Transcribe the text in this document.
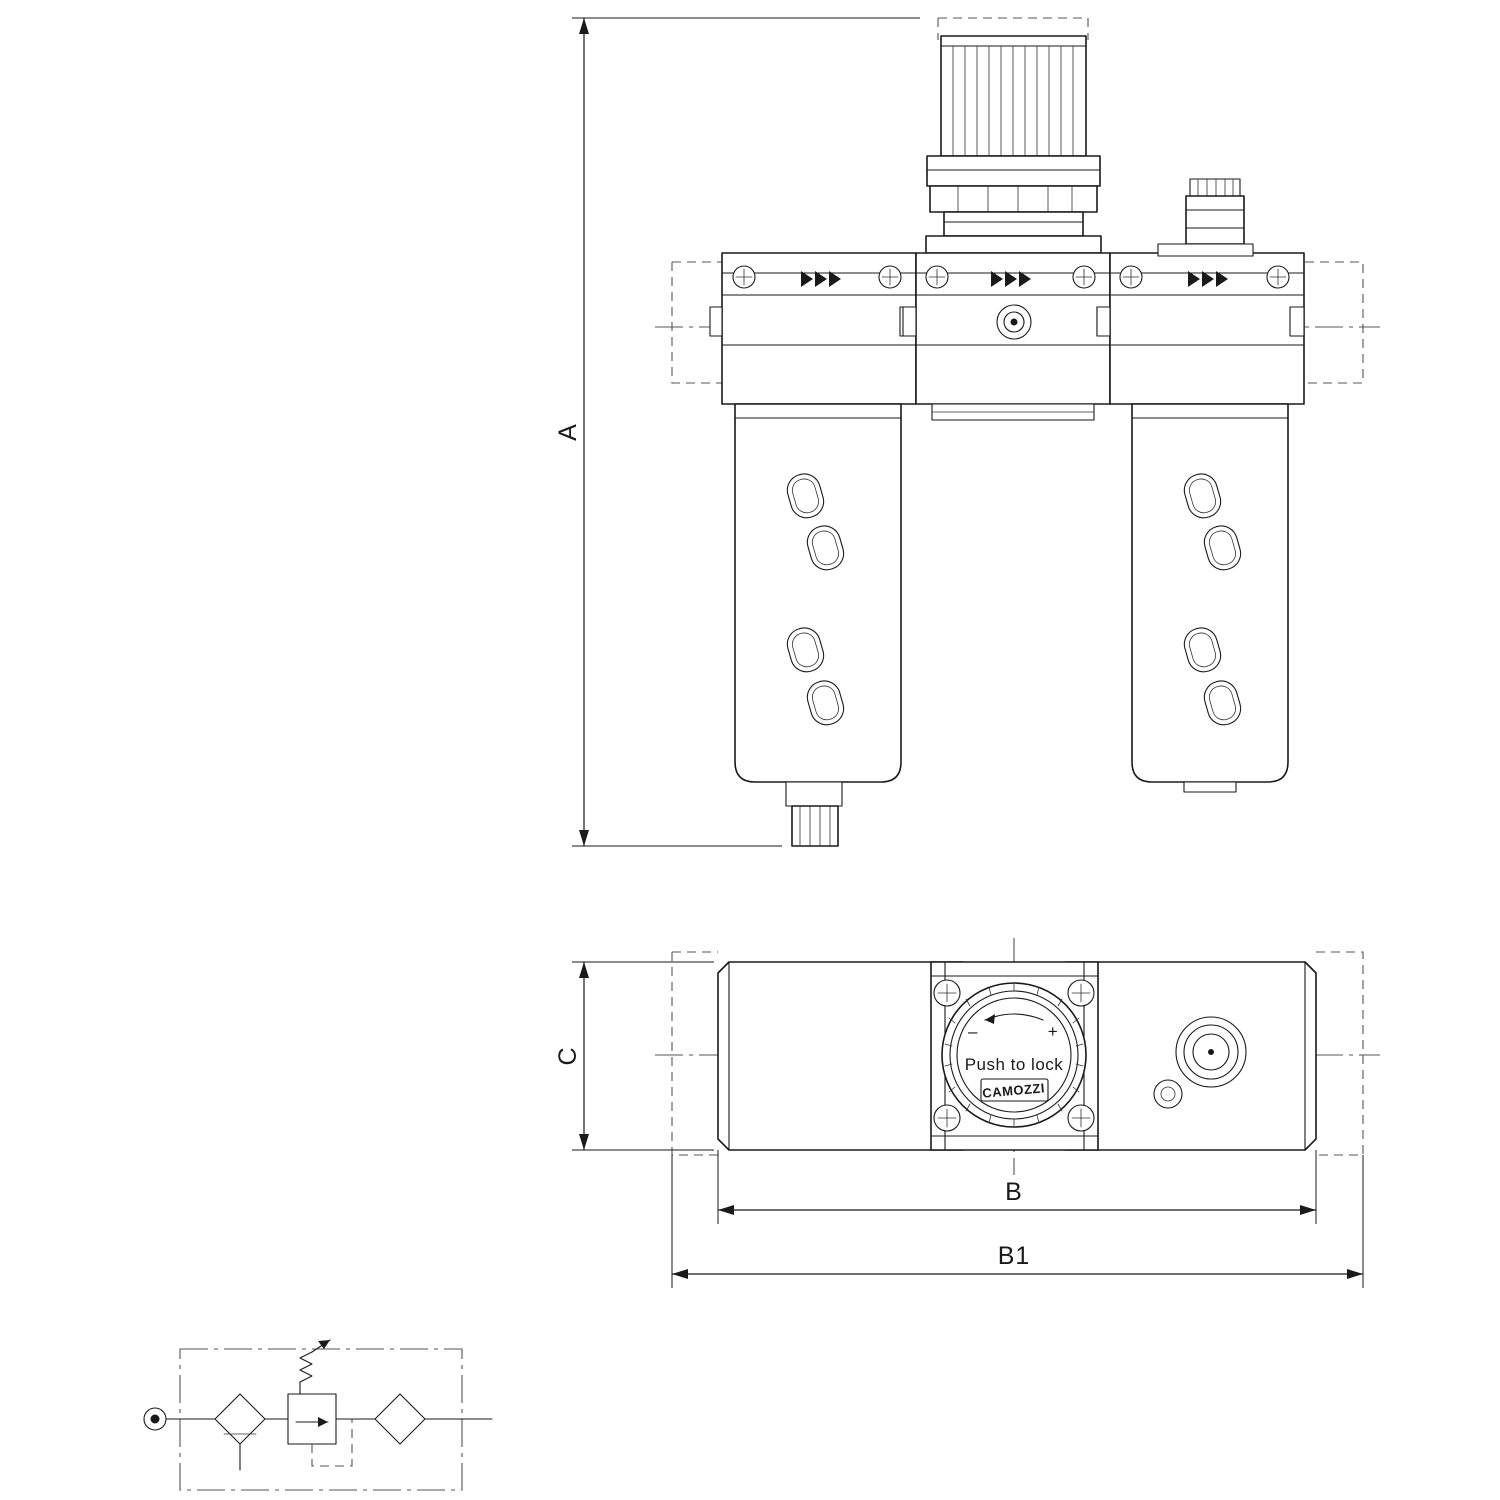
A
–	+
Push to lock
CAMOZZI
C
B
B1
